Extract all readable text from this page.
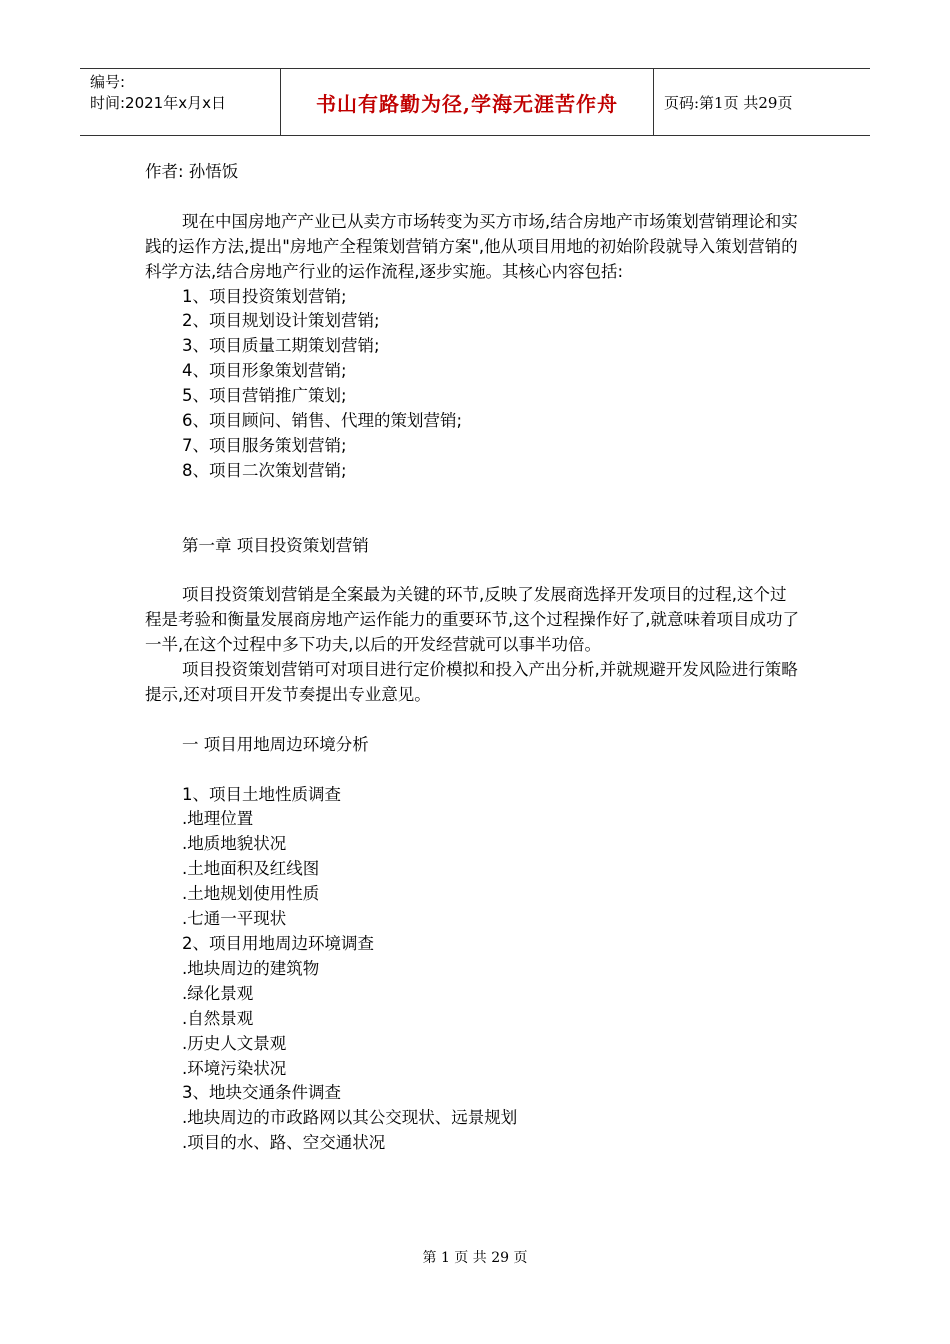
编号:
时间:2021年x月x日	书山有路勤为径,学海无涯苦作舟	页码:第1页 共29页

作者: 孙悟饭

现在中国房地产产业已从卖方市场转变为买方市场,结合房地产市场策划营销理论和实践的运作方法,提出"房地产全程策划营销方案",他从项目用地的初始阶段就导入策划营销的科学方法,结合房地产行业的运作流程,逐步实施。其核心内容包括:

1、项目投资策划营销;

2、项目规划设计策划营销;

3、项目质量工期策划营销;

4、项目形象策划营销;

5、项目营销推广策划;

6、项目顾问、销售、代理的策划营销;

7、项目服务策划营销;

8、项目二次策划营销;

第一章 项目投资策划营销

项目投资策划营销是全案最为关键的环节,反映了发展商选择开发项目的过程,这个过程是考验和衡量发展商房地产运作能力的重要环节,这个过程操作好了,就意味着项目成功了一半,在这个过程中多下功夫,以后的开发经营就可以事半功倍。

项目投资策划营销可对项目进行定价模拟和投入产出分析,并就规避开发风险进行策略提示,还对项目开发节奏提出专业意见。

一 项目用地周边环境分析

1、项目土地性质调查

.地理位置

.地质地貌状况

.土地面积及红线图

.土地规划使用性质

.七通一平现状

2、项目用地周边环境调查

.地块周边的建筑物

.绿化景观

.自然景观

.历史人文景观

.环境污染状况

3、地块交通条件调查

.地块周边的市政路网以其公交现状、远景规划

.项目的水、路、空交通状况

第 1 页 共 29 页
